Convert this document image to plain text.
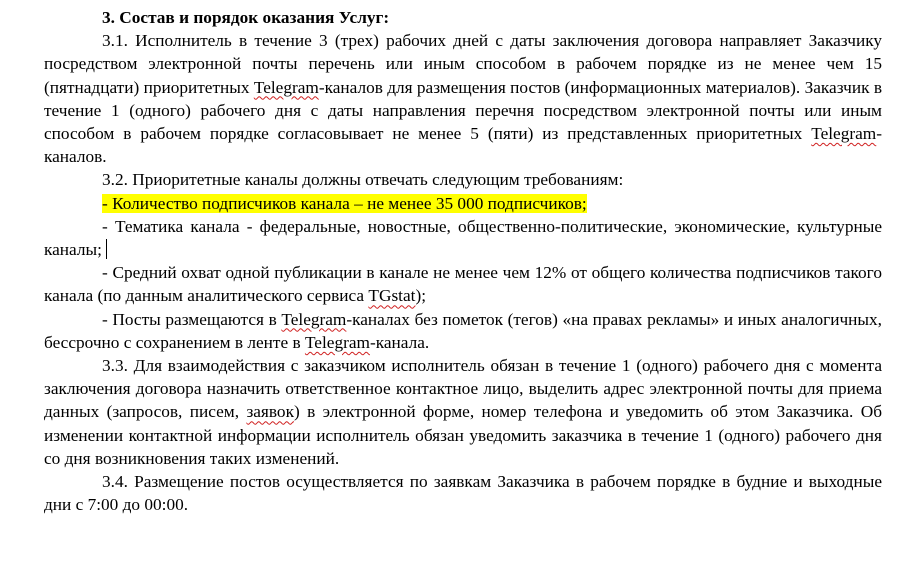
3. Состав и порядок оказания Услуг:

3.1. Исполнитель в течение 3 (трех) рабочих дней с даты заключения договора направляет Заказчику посредством электронной почты перечень или иным способом в рабочем порядке из не менее чем 15 (пятнадцати) приоритетных Telegram-каналов для размещения постов (информационных материалов). Заказчик в течение 1 (одного) рабочего дня с даты направления перечня посредством электронной почты или иным способом в рабочем порядке согласовывает не менее 5 (пяти) из представленных приоритетных Telegram-каналов.

3.2. Приоритетные каналы должны отвечать следующим требованиям:

- Количество подписчиков канала – не менее 35 000 подписчиков;

- Тематика канала - федеральные, новостные, общественно-политические, экономические, культурные каналы;

- Средний охват одной публикации в канале не менее чем 12% от общего количества подписчиков такого канала (по данным аналитического сервиса TGstat);

- Посты размещаются в Telegram-каналах без пометок (тегов) «на правах рекламы» и иных аналогичных, бессрочно с сохранением в ленте в Telegram-канала.

3.3. Для взаимодействия с заказчиком исполнитель обязан в течение 1 (одного) рабочего дня с момента заключения договора назначить ответственное контактное лицо, выделить адрес электронной почты для приема данных (запросов, писем, заявок) в электронной форме, номер телефона и уведомить об этом Заказчика. Об изменении контактной информации исполнитель обязан уведомить заказчика в течение 1 (одного) рабочего дня со дня возникновения таких изменений.

3.4. Размещение постов осуществляется по заявкам Заказчика в рабочем порядке в будние и выходные дни с 7:00 до 00:00.
